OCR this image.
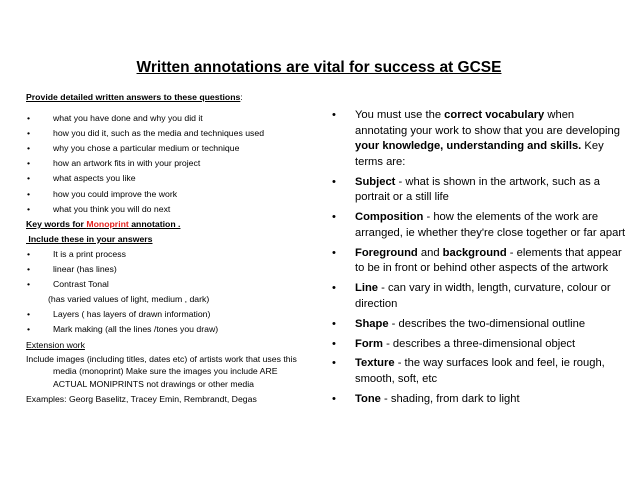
Written annotations are vital for success at GCSE
Provide detailed written answers to these questions:
•	what you have done and why you did it
•	how you did it, such as the media and techniques used
•	why you chose a particular medium or technique
•	how an artwork fits in with your project
•	what aspects you like
•	how you could improve the work
•	what you think you will do next
Key words for Monoprint annotation .
Include these in your answers
•	It is a print process
•	linear (has lines)
•	Contrast Tonal
(has varied values of light, medium , dark)
•	Layers ( has layers of drawn information)
•	Mark making (all the lines /tones you draw)
Extension work
Include images (including titles, dates etc) of artists work that uses this media (monoprint) Make sure the images you include ARE ACTUAL MONIPRINTS not drawings or other media
Examples: Georg Baselitz, Tracey Emin, Rembrandt, Degas
• You must use the correct vocabulary when annotating your work to show that you are developing your knowledge, understanding and skills. Key terms are:
• Subject - what is shown in the artwork, such as a portrait or a still life
• Composition - how the elements of the work are arranged, ie whether they're close together or far apart
• Foreground and background - elements that appear to be in front or behind other aspects of the artwork
• Line - can vary in width, length, curvature, colour or direction
• Shape - describes the two-dimensional outline
• Form - describes a three-dimensional object
• Texture - the way surfaces look and feel, ie rough, smooth, soft, etc
• Tone - shading, from dark to light
